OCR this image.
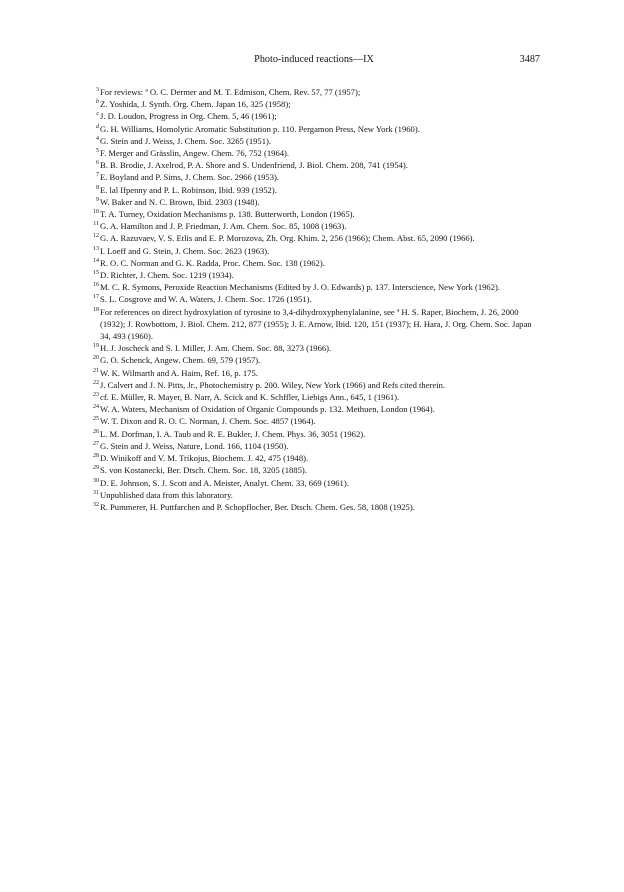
Photo-induced reactions—IX	3487
3 For reviews: ª O. C. Dermer and M. T. Edmison, Chem. Rev. 57, 77 (1957);
b Z. Yoshida, J. Synth. Org. Chem. Japan 16, 325 (1958);
c J. D. Loudon, Progress in Org. Chem. 5, 46 (1961);
d G. H. Williams, Homolytic Aromatic Substitution p. 110. Pergamon Press, New York (1960).
4 G. Stein and J. Weiss, J. Chem. Soc. 3265 (1951).
5 F. Merger and Grässlin, Angew. Chem. 76, 752 (1964).
6 B. B. Brodie, J. Axelrod, P. A. Shore and S. Undenfriend, J. Biol. Chem. 208, 741 (1954).
7 E. Boyland and P. Sims, J. Chem. Soc. 2966 (1953).
8 E. lal Ifpenny and P. L. Robinson, Ibid. 939 (1952).
9 W. Baker and N. C. Brown, Ibid. 2303 (1948).
10 T. A. Turney, Oxidation Mechanisms p. 138. Butterworth, London (1965).
11 G. A. Hamilton and J. P. Friedman, J. Am. Chem. Soc. 85, 1008 (1963).
12 G. A. Razuvaev, V. S. Etlis and E. P. Morozova, Zh. Org. Khim. 2, 256 (1966); Chem. Abst. 65, 2090 (1966).
13 I. Loeff and G. Stein, J. Chem. Soc. 2623 (1963).
14 R. O. C. Norman and G. K. Radda, Proc. Chem. Soc. 138 (1962).
15 D. Richter, J. Chem. Soc. 1219 (1934).
16 M. C. R. Symons, Peroxide Reaction Mechanisms (Edited by J. O. Edwards) p. 137. Interscience, New York (1962).
17 S. L. Cosgrove and W. A. Waters, J. Chem. Soc. 1726 (1951).
18 For references on direct hydroxylation of tyrosine to 3,4-dihydroxyphenylalanine, see ª H. S. Raper, Biochem, J. 26, 2000 (1932); J. Rowbottom, J. Biol. Chem. 212, 877 (1955); J. E. Arnow, Ibid. 120, 151 (1937); H. Hara, J. Org. Chem. Soc. Japan 34, 493 (1960).
19 H. J. Joscheck and S. I. Miller, J. Am. Chem. Soc. 88, 3273 (1966).
20 G. O. Schenck, Angew. Chem. 69, 579 (1957).
21 W. K. Wilmarth and A. Haim, Ref. 16, p. 175.
22 J. Calvert and J. N. Pitts, Jr., Photochemistry p. 200. Wiley, New York (1966) and Refs cited therein.
23 cf. E. Müller, R. Mayer, B. Narr, A. Scick and K. Schffler, Liebigs Ann., 645, 1 (1961).
24 W. A. Waters, Mechanism of Oxidation of Organic Compounds p. 132. Methuen, London (1964).
25 W. T. Dixon and R. O. C. Norman, J. Chem. Soc. 4857 (1964).
26 L. M. Dorfman, I. A. Taub and R. E. Bukler, J. Chem. Phys. 36, 3051 (1962).
27 G. Stein and J. Weiss, Nature, Lond. 166, 1104 (1950).
28 D. Winikoff and V. M. Trikojus, Biochem. J. 42, 475 (1948).
29 S. von Kostanecki, Ber. Dtsch. Chem. Soc. 18, 3205 (1885).
30 D. E. Johnson, S. J. Scott and A. Meister, Analyt. Chem. 33, 669 (1961).
31 Unpublished data from this laboratory.
32 R. Pummerer, H. Puttfarchen and P. Schopflocher, Ber. Dtsch. Chem. Ges. 58, 1808 (1925).
